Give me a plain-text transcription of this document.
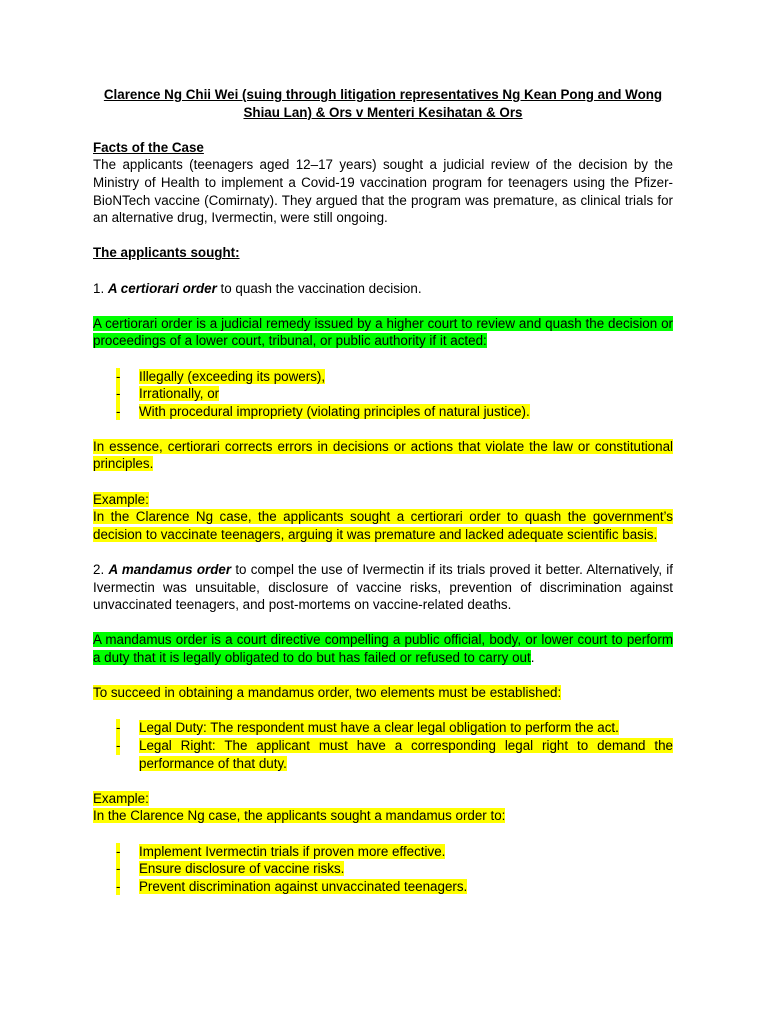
Clarence Ng Chii Wei (suing through litigation representatives Ng Kean Pong and Wong Shiau Lan) & Ors v Menteri Kesihatan & Ors

Facts of the Case

The applicants (teenagers aged 12–17 years) sought a judicial review of the decision by the Ministry of Health to implement a Covid-19 vaccination program for teenagers using the Pfizer-BioNTech vaccine (Comirnaty). They argued that the program was premature, as clinical trials for an alternative drug, Ivermectin, were still ongoing.

The applicants sought:

1. A certiorari order to quash the vaccination decision.

A certiorari order is a judicial remedy issued by a higher court to review and quash the decision or proceedings of a lower court, tribunal, or public authority if it acted:

- Illegally (exceeding its powers),
- Irrationally, or
- With procedural impropriety (violating principles of natural justice).

In essence, certiorari corrects errors in decisions or actions that violate the law or constitutional principles.

Example:

In the Clarence Ng case, the applicants sought a certiorari order to quash the government’s decision to vaccinate teenagers, arguing it was premature and lacked adequate scientific basis.

2. A mandamus order to compel the use of Ivermectin if its trials proved it better. Alternatively, if Ivermectin was unsuitable, disclosure of vaccine risks, prevention of discrimination against unvaccinated teenagers, and post-mortems on vaccine-related deaths.

A mandamus order is a court directive compelling a public official, body, or lower court to perform a duty that it is legally obligated to do but has failed or refused to carry out.

To succeed in obtaining a mandamus order, two elements must be established:

- Legal Duty: The respondent must have a clear legal obligation to perform the act.
- Legal Right: The applicant must have a corresponding legal right to demand the performance of that duty.

Example:

In the Clarence Ng case, the applicants sought a mandamus order to:

- Implement Ivermectin trials if proven more effective.
- Ensure disclosure of vaccine risks.
- Prevent discrimination against unvaccinated teenagers.
